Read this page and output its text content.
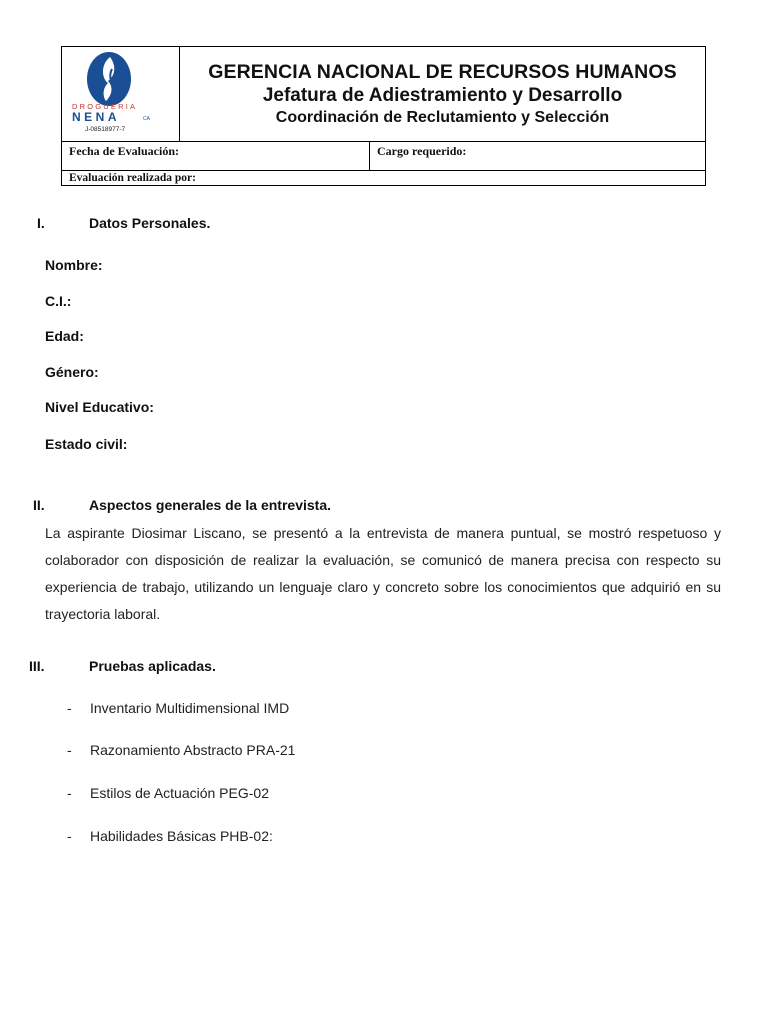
DROGUERIA
NENA	CA
J-08518977-7
GERENCIA NACIONAL DE RECURSOS HUMANOS
Jefatura de Adiestramiento y Desarrollo
Coordinación de Reclutamiento y Selección
Fecha de Evaluación:	Cargo requerido:
Evaluación realizada por:
I.	Datos Personales.
Nombre:
C.I.:
Edad:
Género:
Nivel Educativo:
Estado civil:
II.	Aspectos generales de la entrevista.
La aspirante Diosimar Liscano, se presentó a la entrevista de manera puntual, se mostró respetuoso y colaborador con disposición de realizar la evaluación, se comunicó de manera precisa con respecto su experiencia de trabajo, utilizando un lenguaje claro y concreto sobre los conocimientos que adquirió en su trayectoria laboral.
III.	Pruebas aplicadas.
- Inventario Multidimensional IMD
- Razonamiento Abstracto PRA-21
- Estilos de Actuación PEG-02
- Habilidades Básicas PHB-02:
